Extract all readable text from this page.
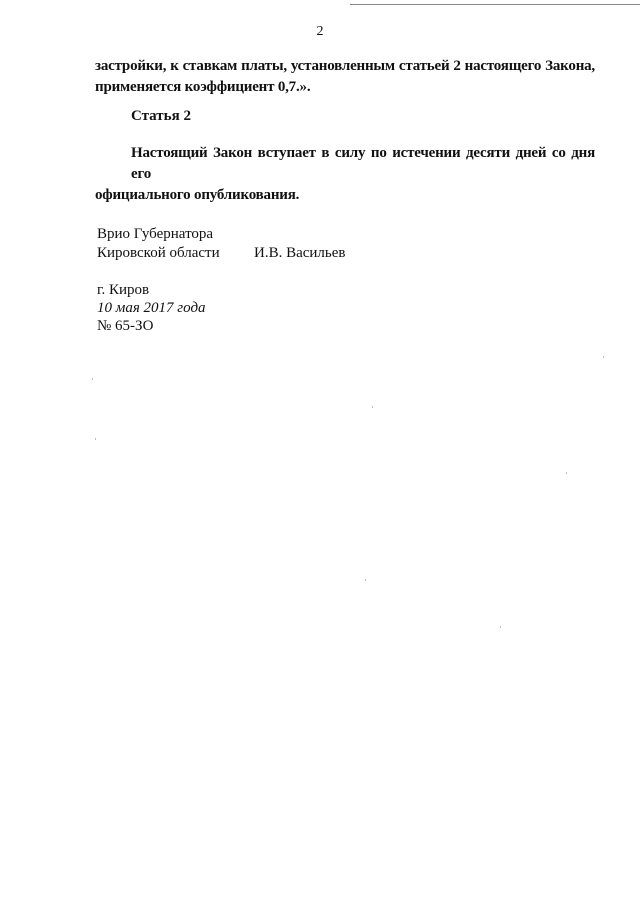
2
застройки, к ставкам платы, установленным статьей 2 настоящего Закона,
применяется коэффициент 0,7.».
Статья 2
Настоящий Закон вступает в силу по истечении десяти дней со дня его
официального опубликования.
Врио Губернатора
Кировской области И.В. Васильев
г. Киров
10 мая 2017 года
№ 65-ЗО
